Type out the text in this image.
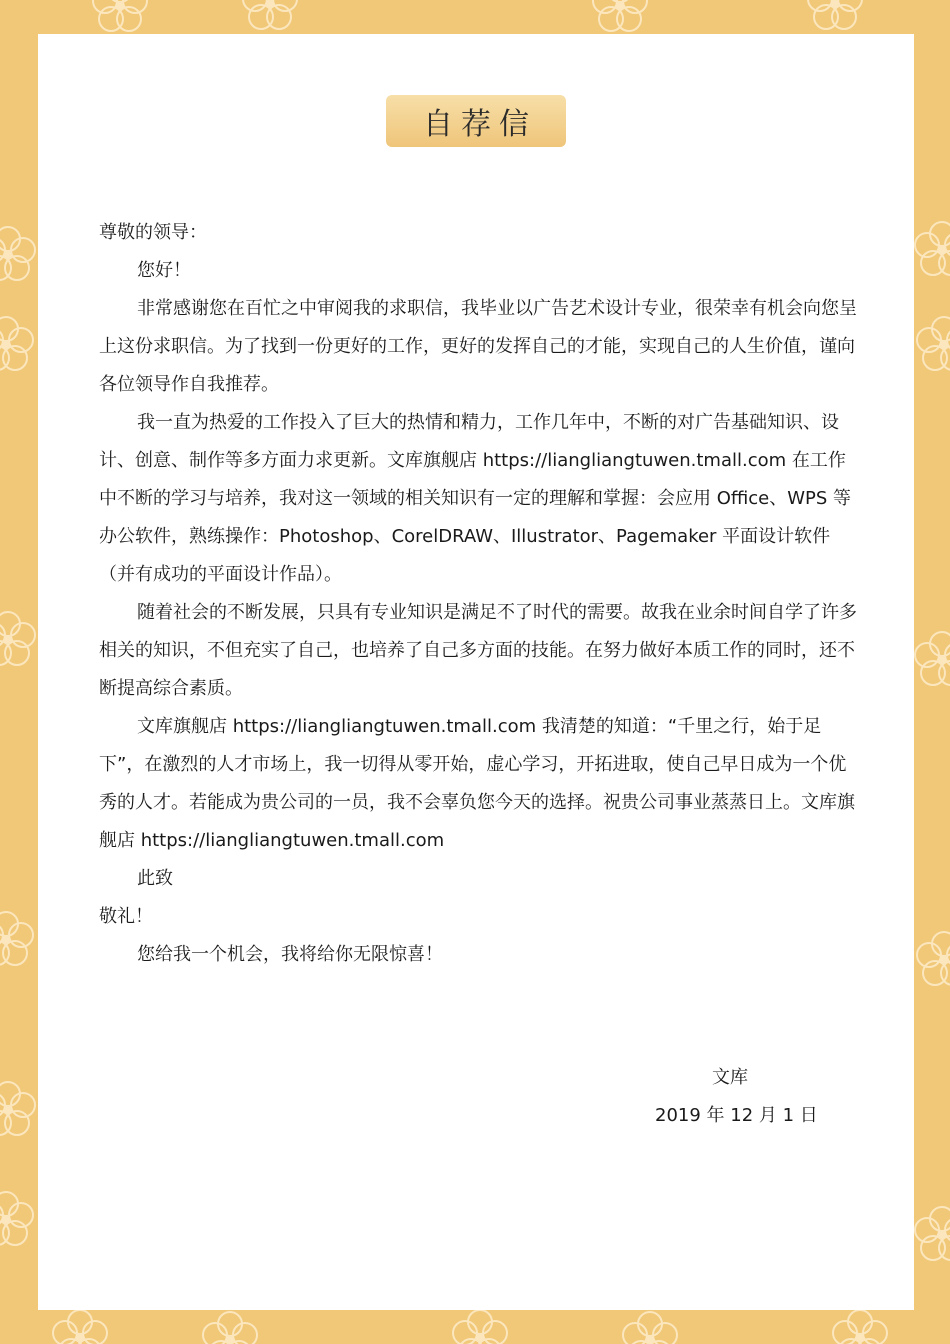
自荐信

尊敬的领导：

您好！

非常感谢您在百忙之中审阅我的求职信，我毕业以广告艺术设计专业，很荣幸有机会向您呈上这份求职信。为了找到一份更好的工作，更好的发挥自己的才能，实现自己的人生价值，谨向各位领导作自我推荐。

我一直为热爱的工作投入了巨大的热情和精力，工作几年中，不断的对广告基础知识、设计、创意、制作等多方面力求更新。文库旗舰店 https://liangliangtuwen.tmall.com 在工作中不断的学习与培养，我对这一领域的相关知识有一定的理解和掌握：会应用 Office、WPS 等办公软件，熟练操作：Photoshop、CorelDRAW、Illustrator、Pagemaker 平面设计软件（并有成功的平面设计作品）。

随着社会的不断发展，只具有专业知识是满足不了时代的需要。故我在业余时间自学了许多相关的知识，不但充实了自己，也培养了自己多方面的技能。在努力做好本质工作的同时，还不断提高综合素质。

文库旗舰店 https://liangliangtuwen.tmall.com 我清楚的知道：“千里之行，始于足下”，在激烈的人才市场上，我一切得从零开始，虚心学习，开拓进取，使自己早日成为一个优秀的人才。若能成为贵公司的一员，我不会辜负您今天的选择。祝贵公司事业蒸蒸日上。文库旗舰店 https://liangliangtuwen.tmall.com

此致

敬礼！

您给我一个机会，我将给你无限惊喜！

文库
2019 年 12 月 1 日
